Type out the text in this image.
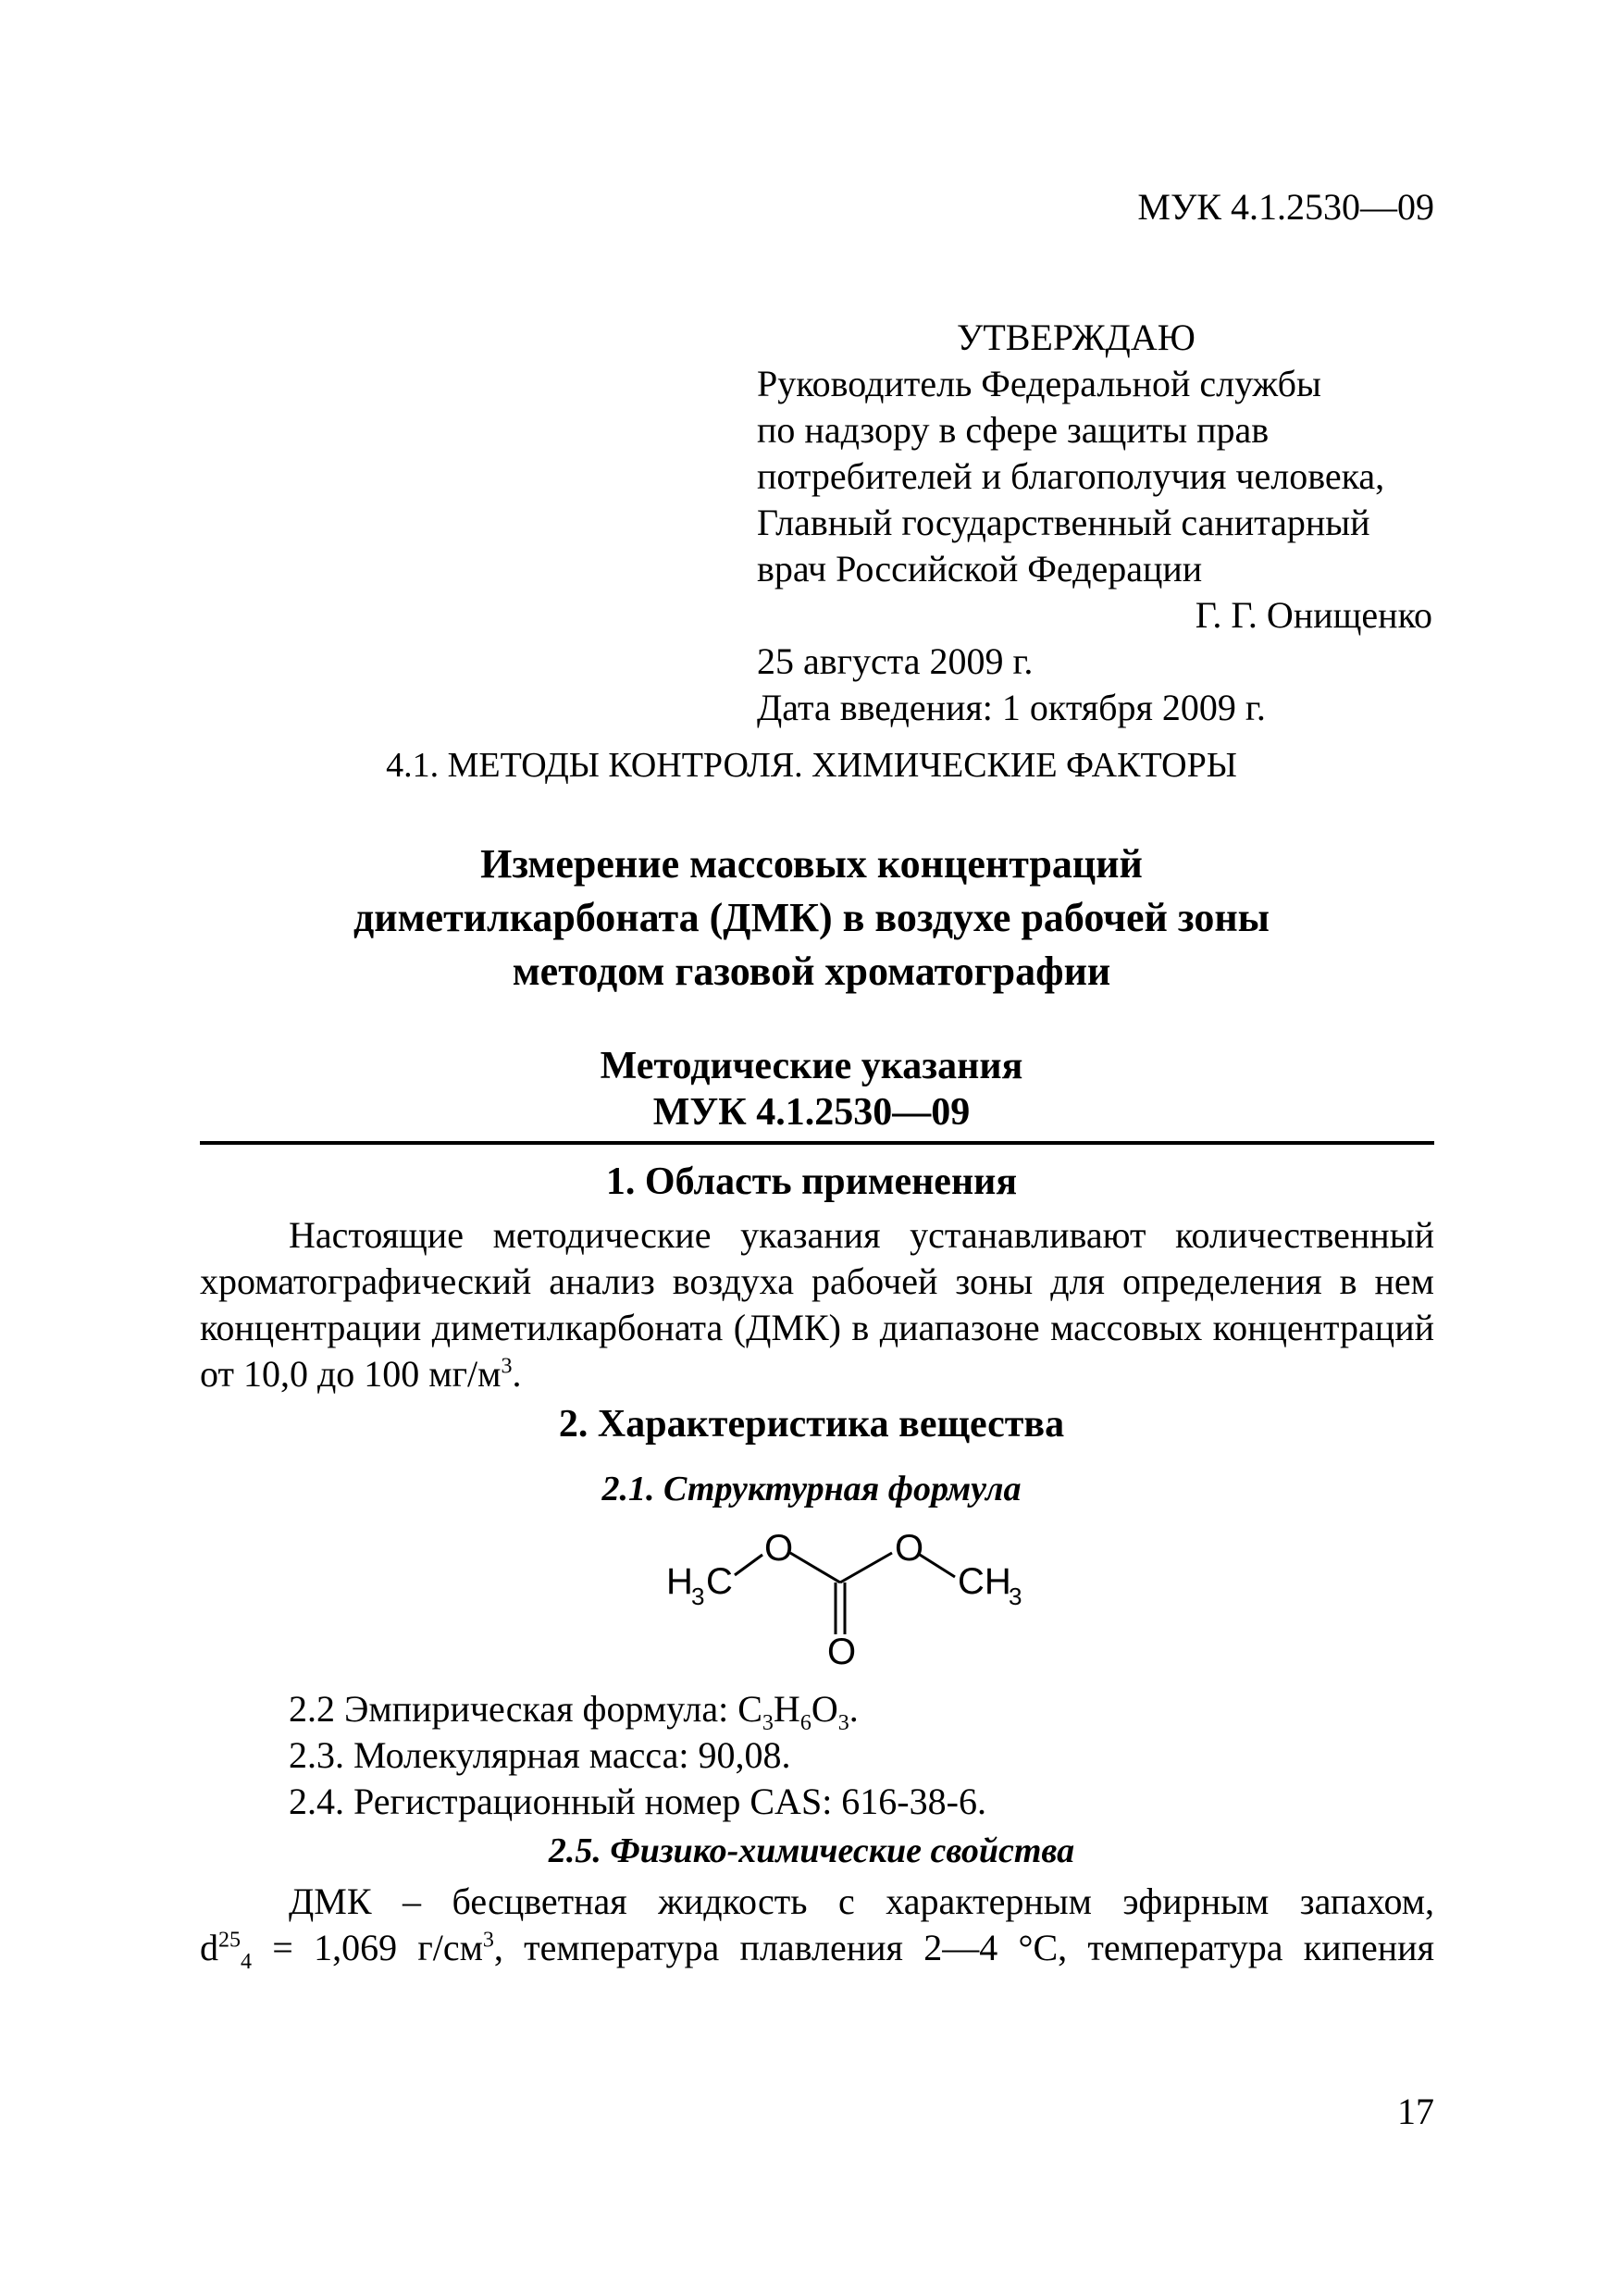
МУК 4.1.2530—09
УТВЕРЖДАЮ
Руководитель Федеральной службы
по надзору в сфере защиты прав
потребителей и благополучия человека,
Главный государственный санитарный
врач Российской Федерации
Г. Г. Онищенко
25 августа 2009 г.
Дата введения: 1 октября 2009 г.
4.1. МЕТОДЫ КОНТРОЛЯ. ХИМИЧЕСКИЕ ФАКТОРЫ
Измерение массовых концентраций
диметилкарбоната (ДМК) в воздухе рабочей зоны
методом газовой хроматографии
Методические указания
МУК 4.1.2530—09
1. Область применения
Настоящие методические указания устанавливают количественный хроматографический анализ воздуха рабочей зоны для определения в нем концентрации диметилкарбоната (ДМК) в диапазоне массовых концентраций от 10,0 до 100 $мг/м^3$.
2. Характеристика вещества
2.1. Структурная формула
H
3 C
O	O
O
CH
3
2.2 Эмпирическая формула: $C_3H_6O_3$.
2.3. Молекулярная масса: 90,08.
2.4. Регистрационный номер CAS: 616-38-6.
2.5. Физико-химические свойства
ДМК – бесцветная жидкость с характерным эфирным запахом,
$d^{25}_4 = 1,069$ $г/см^3$, температура плавления 2—4 °С, температура кипения
17
